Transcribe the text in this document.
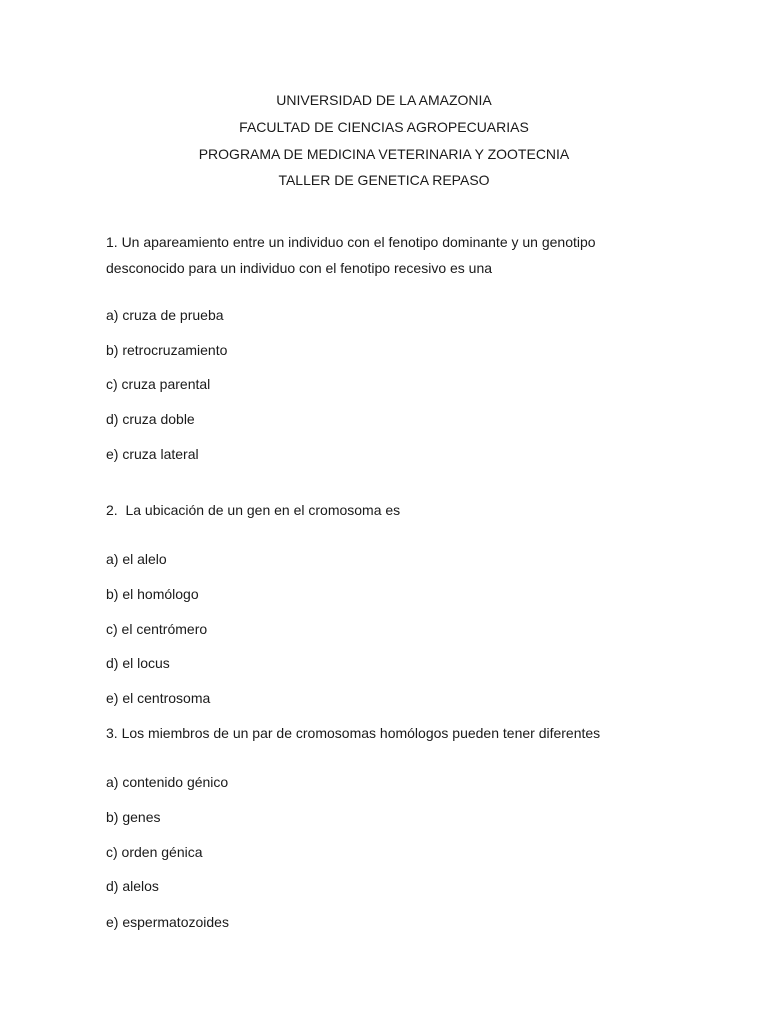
UNIVERSIDAD DE LA AMAZONIA
FACULTAD DE CIENCIAS AGROPECUARIAS
PROGRAMA DE MEDICINA VETERINARIA Y ZOOTECNIA
TALLER DE GENETICA REPASO
1. Un apareamiento entre un individuo con el fenotipo dominante y un genotipo
desconocido para un individuo con el fenotipo recesivo es una
a) cruza de prueba
b) retrocruzamiento
c) cruza parental
d) cruza doble
e) cruza lateral
2.  La ubicación de un gen en el cromosoma es
a) el alelo
b) el homólogo
c) el centrómero
d) el locus
e) el centrosoma
3. Los miembros de un par de cromosomas homólogos pueden tener diferentes
a) contenido génico
b) genes
c) orden génica
d) alelos
e) espermatozoides
